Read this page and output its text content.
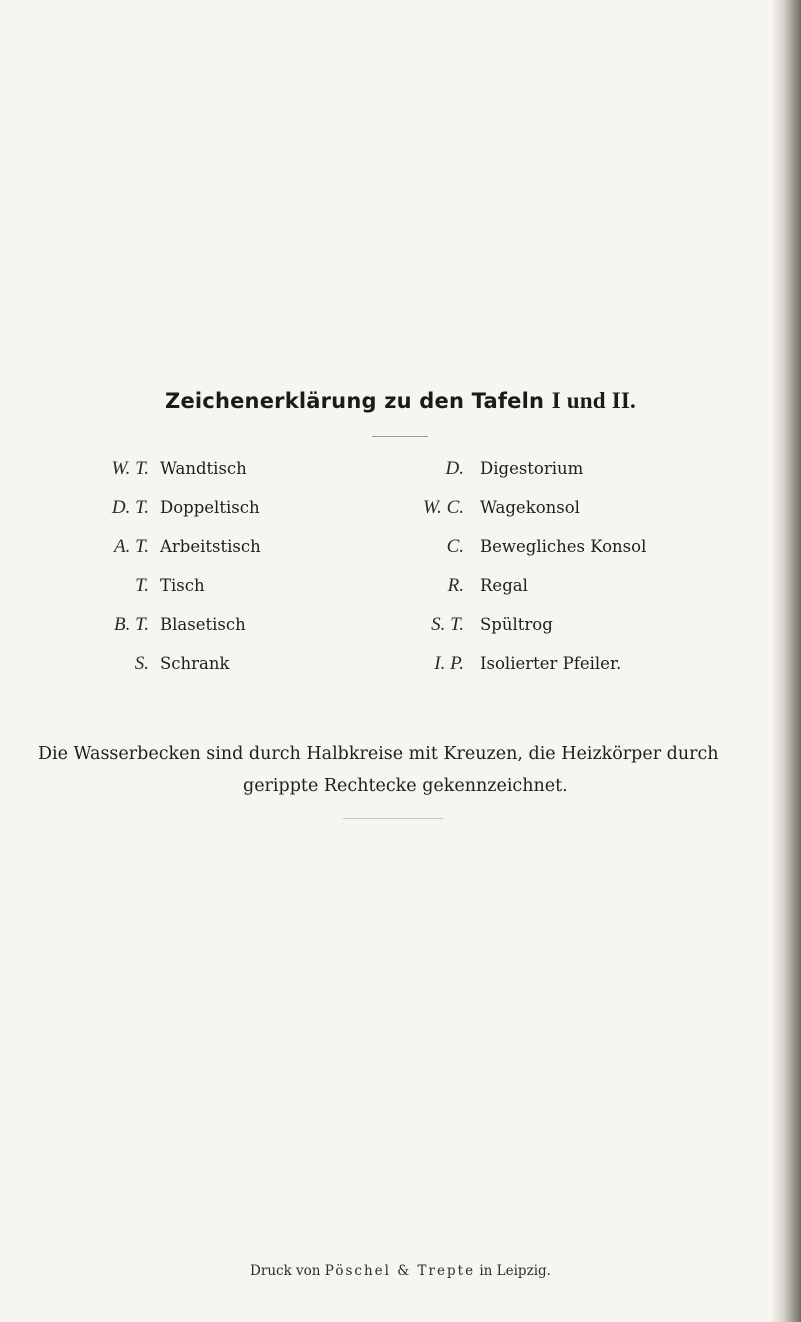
Zeichenerklärung zu den Tafeln I und II.
W. T. Wandtisch
D. T. Doppeltisch
A. T. Arbeitstisch
T. Tisch
B. T. Blasetisch
S. Schrank
D. Digestorium
W. C. Wagekonsol
C. Bewegliches Konsol
R. Regal
S. T. Spültrog
I. P. Isolierter Pfeiler.
Die Wasserbecken sind durch Halbkreise mit Kreuzen, die Heizkörper durch
gerippte Rechtecke gekennzeichnet.
Druck von Pöschel & Trepte in Leipzig.
